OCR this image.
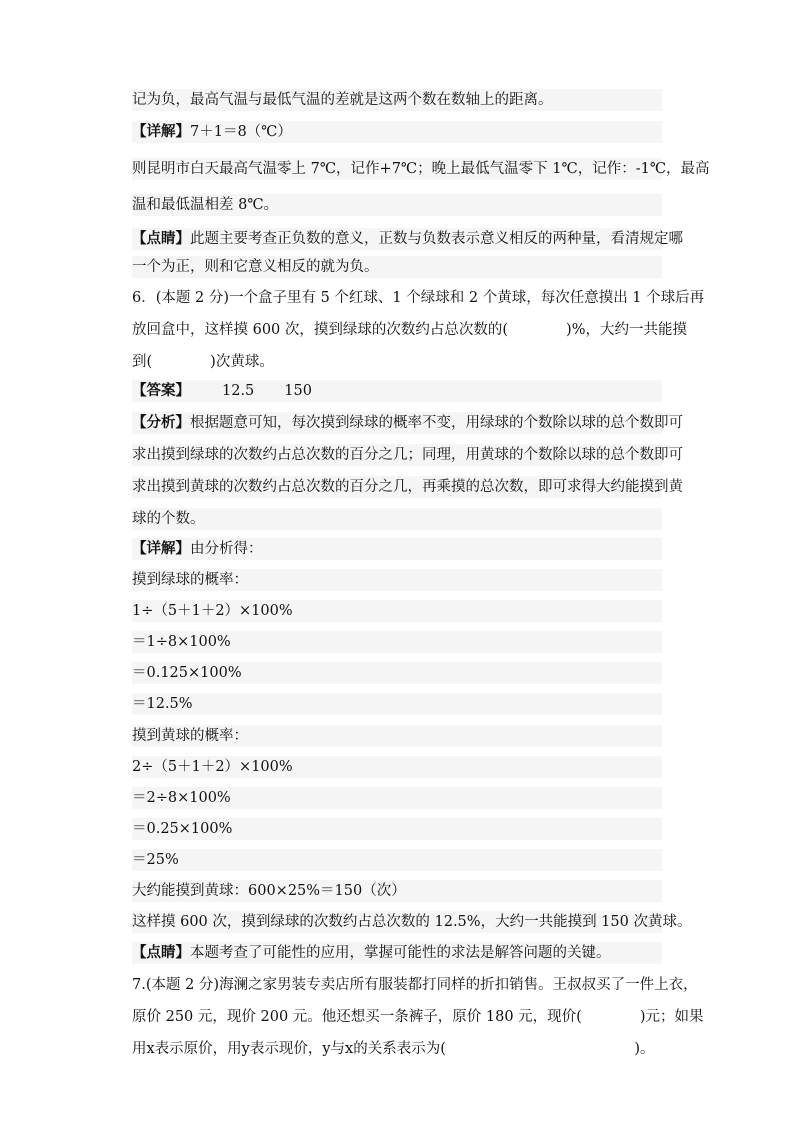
记为负，最高气温与最低气温的差就是这两个数在数轴上的距离。
【详解】7＋1＝8（℃）
则昆明市白天最高气温零上 7℃，记作+7℃；晚上最低气温零下 1℃，记作：-1℃，最高
温和最低温相差 8℃。
【点睛】此题主要考查正负数的意义，正数与负数表示意义相反的两种量，看清规定哪
一个为正，则和它意义相反的就为负。
6．(本题 2 分)一个盒子里有 5 个红球、1 个绿球和 2 个黄球，每次任意摸出 1 个球后再
放回盒中，这样摸 600 次，摸到绿球的次数约占总次数的(　　　　)%，大约一共能摸
到(　　　　)次黄球。
【答案】 12.5 150
【分析】根据题意可知，每次摸到绿球的概率不变，用绿球的个数除以球的总个数即可
求出摸到绿球的次数约占总次数的百分之几；同理，用黄球的个数除以球的总个数即可
求出摸到黄球的次数约占总次数的百分之几，再乘摸的总次数，即可求得大约能摸到黄
球的个数。
【详解】由分析得：
摸到绿球的概率：
1÷（5＋1＋2）×100%
＝1÷8×100%
＝0.125×100%
＝12.5%
摸到黄球的概率：
2÷（5＋1＋2）×100%
＝2÷8×100%
＝0.25×100%
＝25%
大约能摸到黄球：600×25%＝150（次）
这样摸 600 次，摸到绿球的次数约占总次数的 12.5%，大约一共能摸到 150 次黄球。
【点睛】本题考查了可能性的应用，掌握可能性的求法是解答问题的关键。
7.(本题 2 分)海澜之家男装专卖店所有服装都打同样的折扣销售。王叔叔买了一件上衣，
原价 250 元，现价 200 元。他还想买一条裤子，原价 180 元，现价(　　　　)元；如果
用x表示原价，用y表示现价，y与x的关系表示为(　　　　　　　　　　　　　)。
